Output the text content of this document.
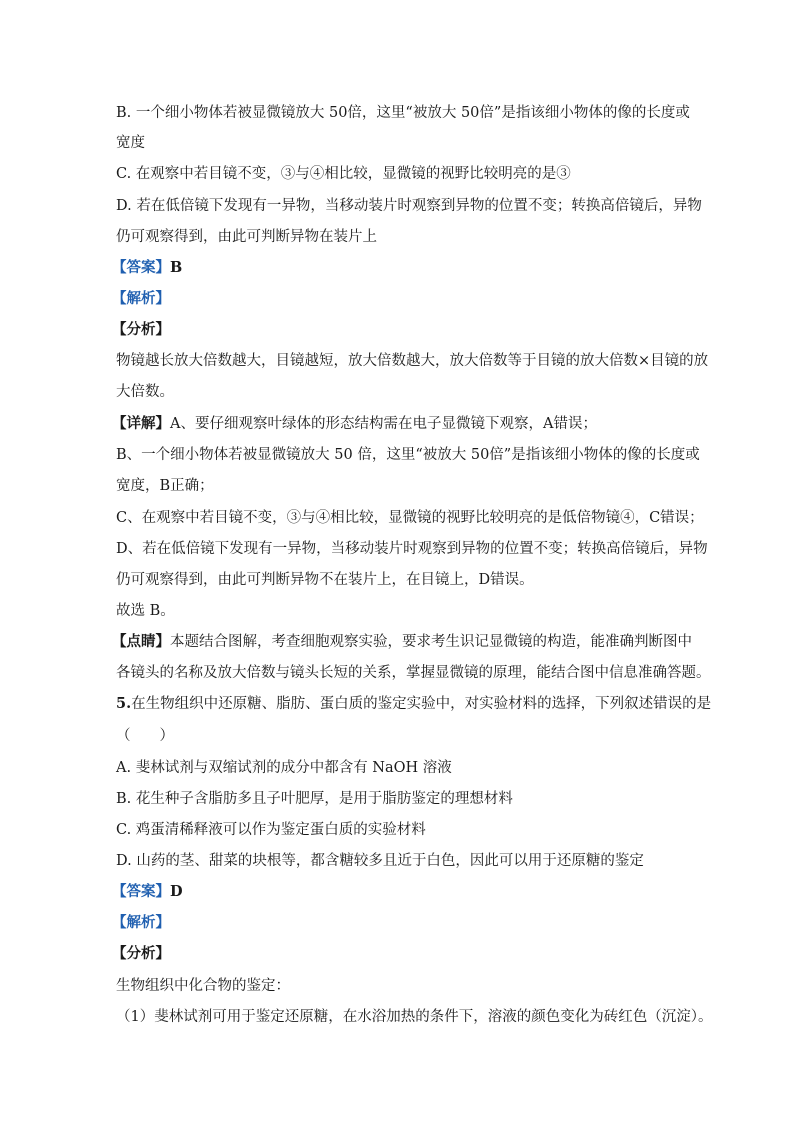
B. 一个细小物体若被显微镜放大 50倍，这里“被放大 50倍”是指该细小物体的像的长度或
宽度
C. 在观察中若目镜不变，③与④相比较，显微镜的视野比较明亮的是③
D. 若在低倍镜下发现有一异物，当移动装片时观察到异物的位置不变；转换高倍镜后，异物
仍可观察得到，由此可判断异物在装片上
【答案】B
【解析】
【分析】
物镜越长放大倍数越大，目镜越短，放大倍数越大，放大倍数等于目镜的放大倍数×目镜的放
大倍数。
【详解】A、要仔细观察叶绿体的形态结构需在电子显微镜下观察，A错误；
B、一个细小物体若被显微镜放大 50 倍，这里“被放大 50倍”是指该细小物体的像的长度或
宽度，B正确；
C、在观察中若目镜不变，③与④相比较，显微镜的视野比较明亮的是低倍物镜④，C错误；
D、若在低倍镜下发现有一异物，当移动装片时观察到异物的位置不变；转换高倍镜后，异物
仍可观察得到，由此可判断异物不在装片上，在目镜上，D错误。
故选 B。
【点睛】本题结合图解，考查细胞观察实验，要求考生识记显微镜的构造，能准确判断图中
各镜头的名称及放大倍数与镜头长短的关系，掌握显微镜的原理，能结合图中信息准确答题。
5.在生物组织中还原糖、脂肪、蛋白质的鉴定实验中，对实验材料的选择，下列叙述错误的是
（　　）
A. 斐林试剂与双缩试剂的成分中都含有 NaOH 溶液
B. 花生种子含脂肪多且子叶肥厚，是用于脂肪鉴定的理想材料
C. 鸡蛋清稀释液可以作为鉴定蛋白质的实验材料
D. 山药的茎、甜菜的块根等，都含糖较多且近于白色，因此可以用于还原糖的鉴定
【答案】D
【解析】
【分析】
生物组织中化合物的鉴定：
（1）斐林试剂可用于鉴定还原糖，在水浴加热的条件下，溶液的颜色变化为砖红色（沉淀）。
